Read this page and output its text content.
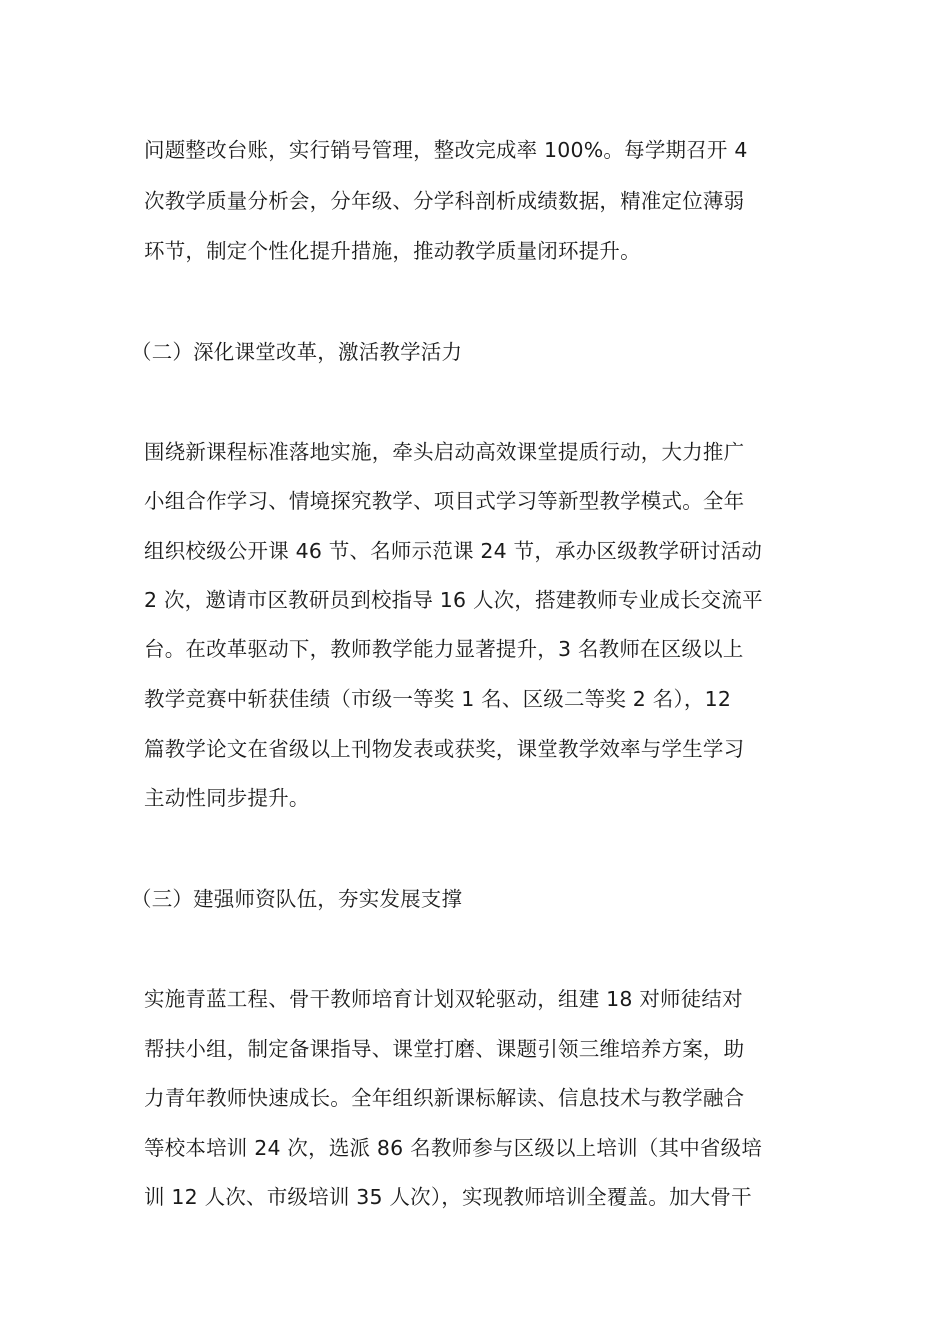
问题整改台账，实行销号管理，整改完成率 100%。每学期召开 4
次教学质量分析会，分年级、分学科剖析成绩数据，精准定位薄弱
环节，制定个性化提升措施，推动教学质量闭环提升。
（二）深化课堂改革，激活教学活力
围绕新课程标准落地实施，牵头启动高效课堂提质行动，大力推广
小组合作学习、情境探究教学、项目式学习等新型教学模式。全年
组织校级公开课 46 节、名师示范课 24 节，承办区级教学研讨活动
2 次，邀请市区教研员到校指导 16 人次，搭建教师专业成长交流平
台。在改革驱动下，教师教学能力显著提升，3 名教师在区级以上
教学竞赛中斩获佳绩（市级一等奖 1 名、区级二等奖 2 名），12
篇教学论文在省级以上刊物发表或获奖，课堂教学效率与学生学习
主动性同步提升。
（三）建强师资队伍，夯实发展支撑
实施青蓝工程、骨干教师培育计划双轮驱动，组建 18 对师徒结对
帮扶小组，制定备课指导、课堂打磨、课题引领三维培养方案，助
力青年教师快速成长。全年组织新课标解读、信息技术与教学融合
等校本培训 24 次，选派 86 名教师参与区级以上培训（其中省级培
训 12 人次、市级培训 35 人次），实现教师培训全覆盖。加大骨干
